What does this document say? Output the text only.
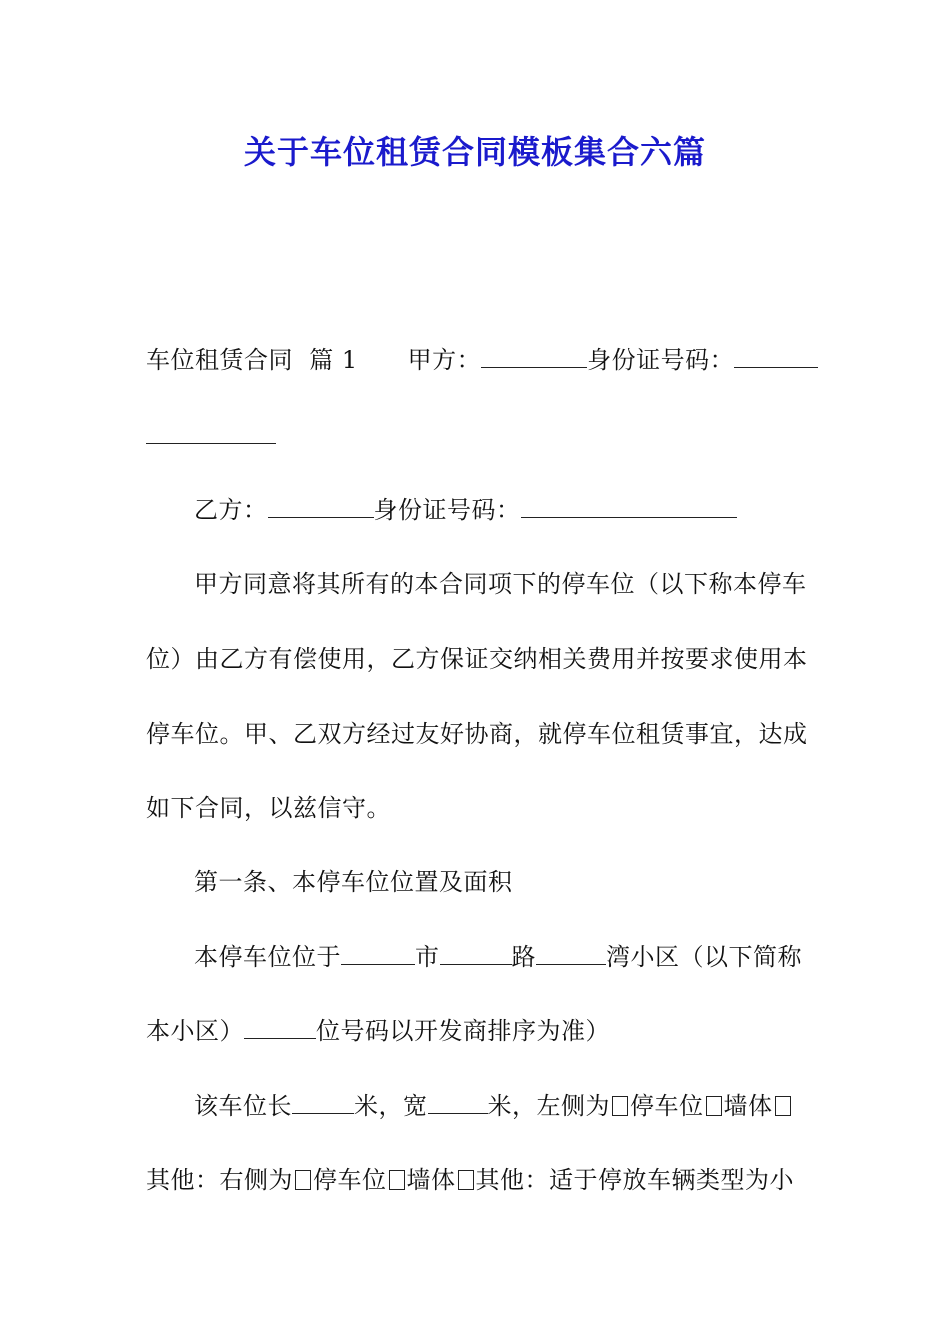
关于车位租赁合同模板集合六篇
车位租赁合同  篇 1 甲方：	身份证号码：
乙方：	身份证号码：
甲方同意将其所有的本合同项下的停车位（以下称本停车
位）由乙方有偿使用，乙方保证交纳相关费用并按要求使用本
停车位。甲、乙双方经过友好协商，就停车位租赁事宜，达成
如下合同，以兹信守。
第一条、本停车位位置及面积
本停车位位于	市	路	湾小区（以下简称
本小区）	位号码以开发商排序为准）
该车位长	米，宽	米，左侧为 停车位 墙体
其他：右侧为 停车位 墙体 其他：适于停放车辆类型为小
